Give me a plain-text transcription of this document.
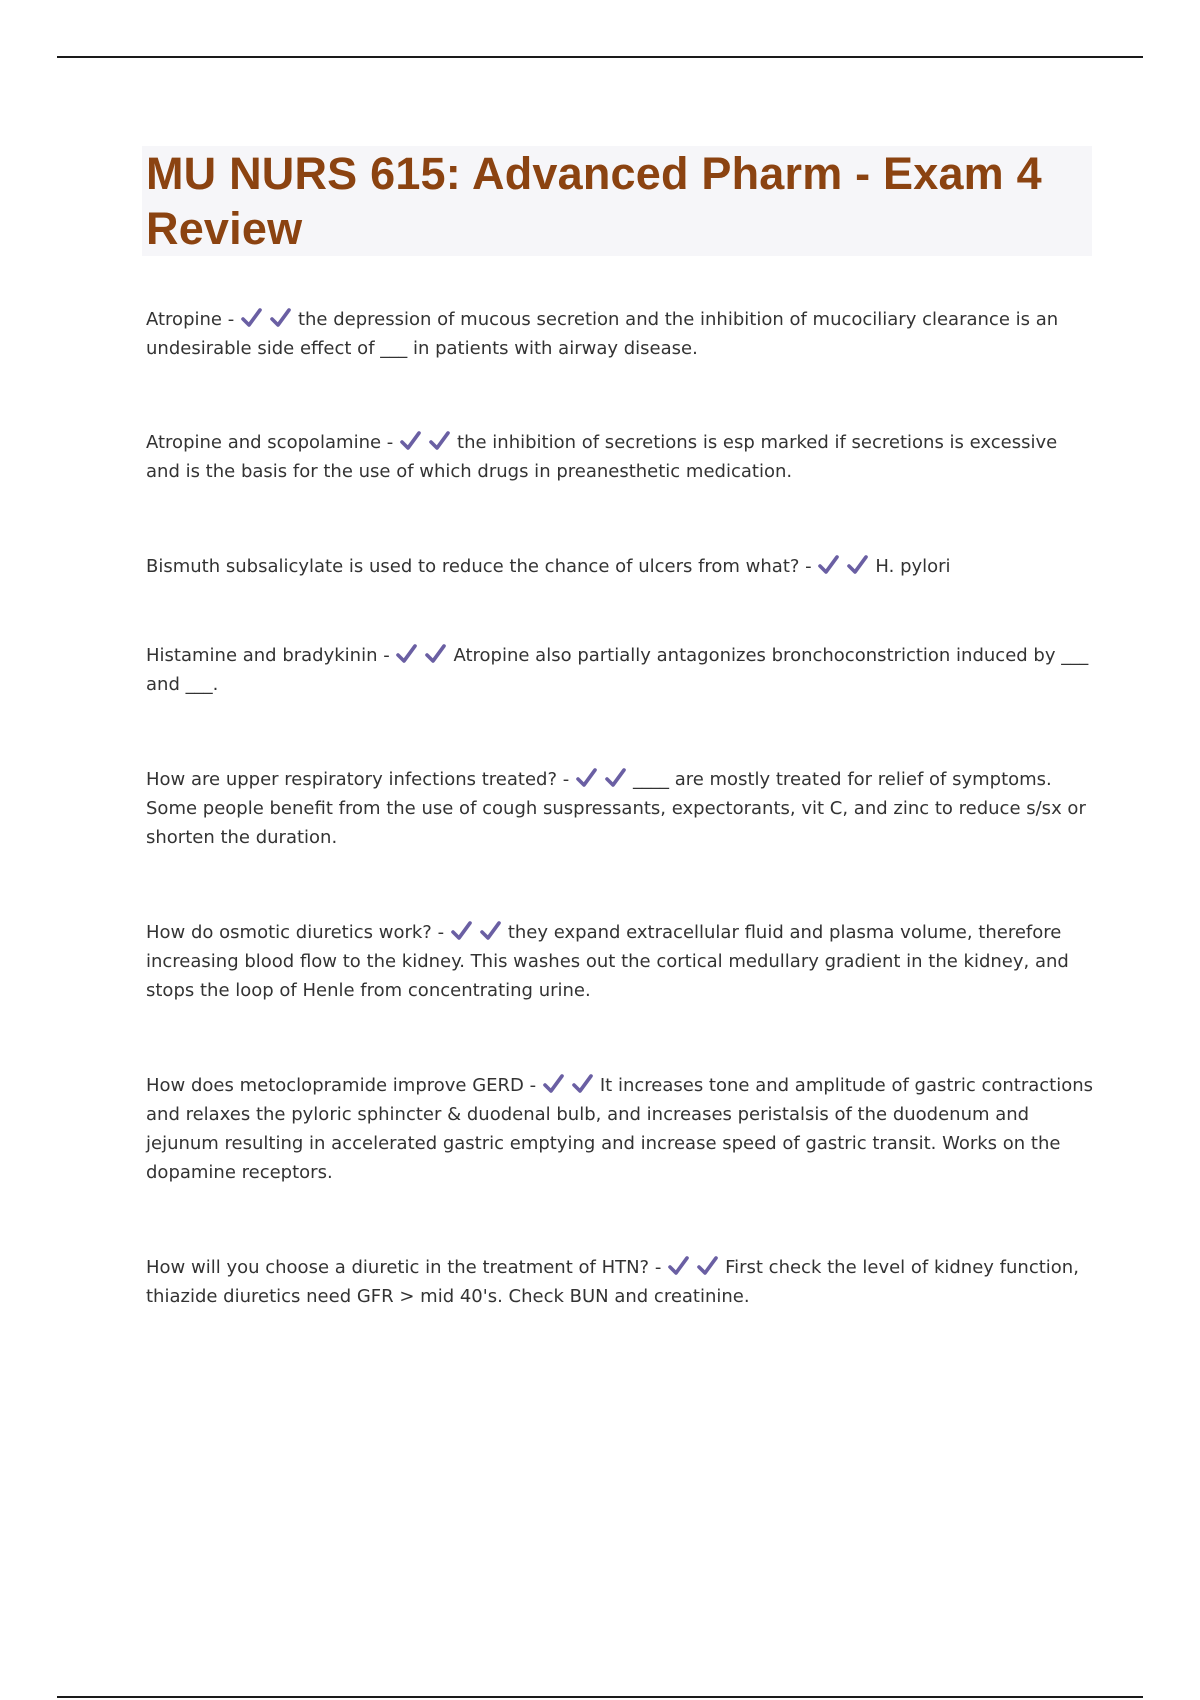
MU NURS 615: Advanced Pharm - Exam 4 Review

Atropine -	the depression of mucous secretion and the inhibition of mucociliary clearance is an undesirable side effect of ___ in patients with airway disease.

Atropine and scopolamine -	the inhibition of secretions is esp marked if secretions is excessive and is the basis for the use of which drugs in preanesthetic medication.

Bismuth subsalicylate is used to reduce the chance of ulcers from what? -	H. pylori

Histamine and bradykinin -	Atropine also partially antagonizes bronchoconstriction induced by ___ and ___.

How are upper respiratory infections treated? -	____ are mostly treated for relief of symptoms. Some people benefit from the use of cough suspressants, expectorants, vit C, and zinc to reduce s/sx or shorten the duration.

How do osmotic diuretics work? -	they expand extracellular fluid and plasma volume, therefore increasing blood flow to the kidney. This washes out the cortical medullary gradient in the kidney, and stops the loop of Henle from concentrating urine.

How does metoclopramide improve GERD -	It increases tone and amplitude of gastric contractions and relaxes the pyloric sphincter & duodenal bulb, and increases peristalsis of the duodenum and jejunum resulting in accelerated gastric emptying and increase speed of gastric transit. Works on the dopamine receptors.

How will you choose a diuretic in the treatment of HTN? -	First check the level of kidney function, thiazide diuretics need GFR > mid 40's. Check BUN and creatinine.
